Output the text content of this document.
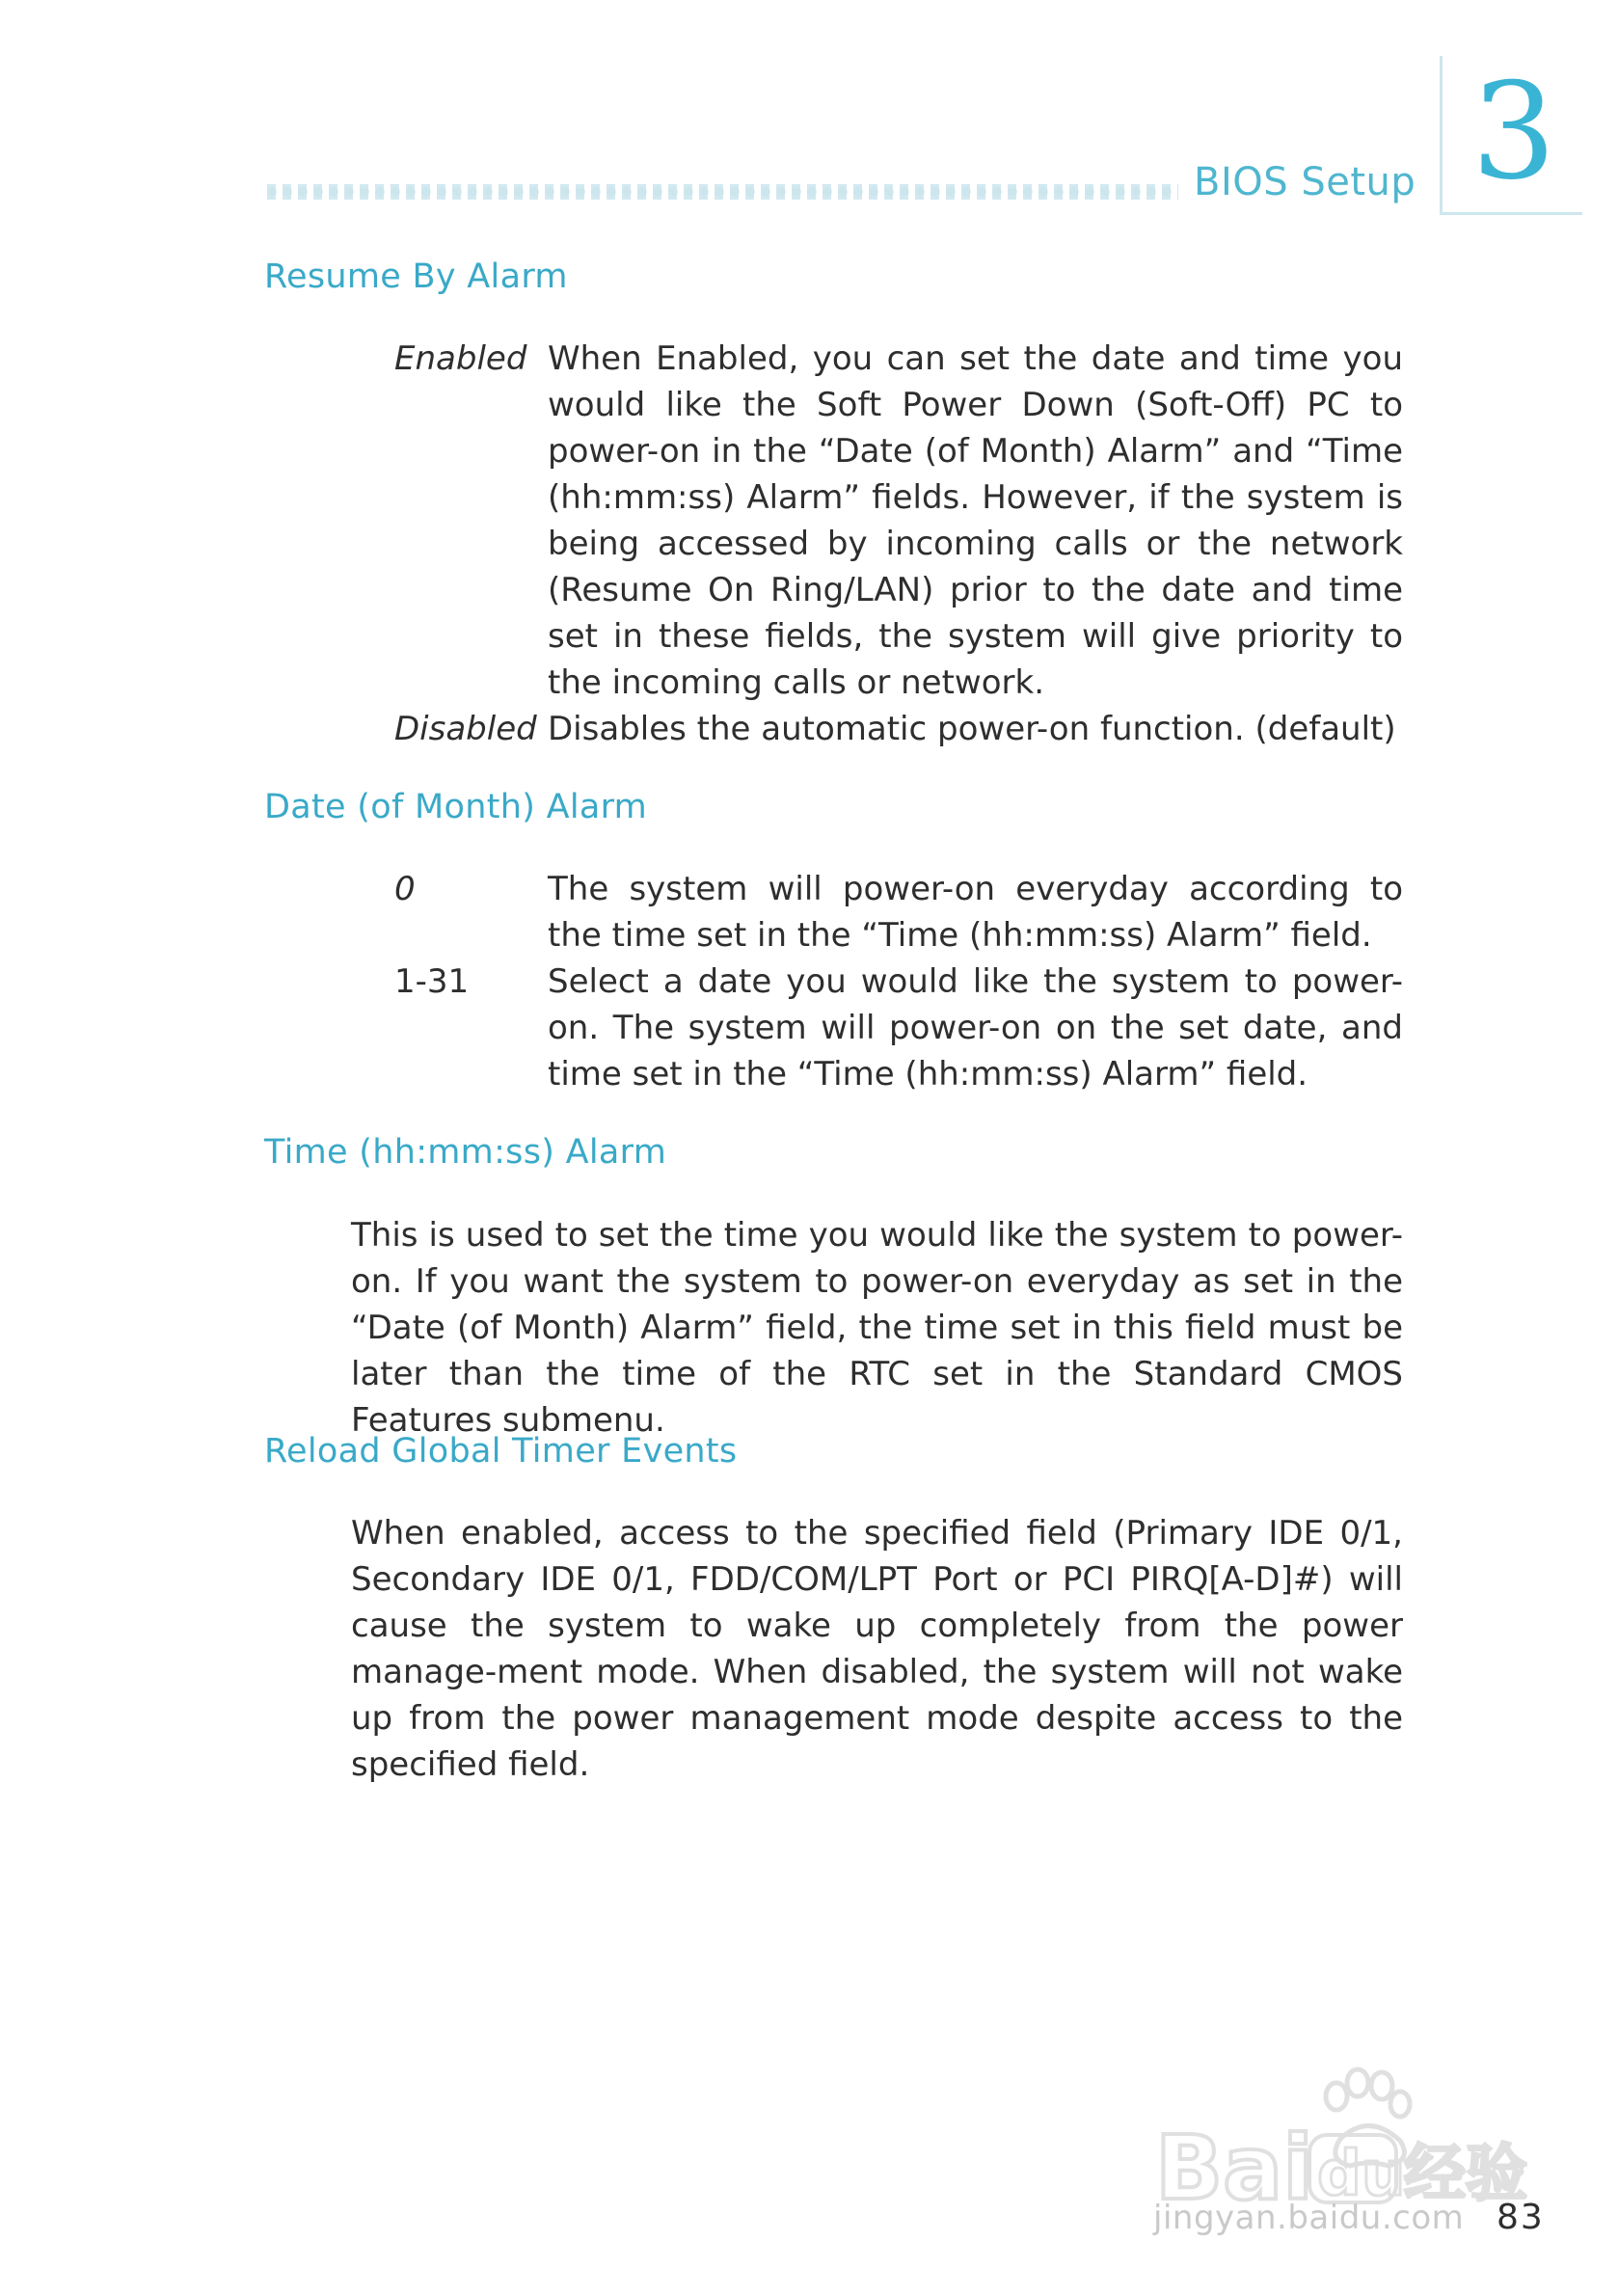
BIOS Setup 3
Resume By Alarm
Enabled When Enabled, you can set the date and time you would like the Soft Power Down (Soft-Off) PC to power-on in the “Date (of Month) Alarm” and “Time (hh:mm:ss) Alarm” fields. However, if the system is being accessed by incoming calls or the network (Resume On Ring/LAN) prior to the date and time set in these fields, the system will give priority to the incoming calls or network.
Disabled Disables the automatic power-on function. (default)
Date (of Month) Alarm
0	The system will power-on everyday according to the time set in the “Time (hh:mm:ss) Alarm” field.
1-31 Select a date you would like the system to power-on. The system will power-on on the set date, and time set in the “Time (hh:mm:ss) Alarm” field.
Time (hh:mm:ss) Alarm
This is used to set the time you would like the system to power-on. If you want the system to power-on everyday as set in the “Date (of Month) Alarm” field, the time set in this field must be later than the time of the RTC set in the Standard CMOS Features submenu.
Reload Global Timer Events
When enabled, access to the specified field (Primary IDE 0/1, Secondary IDE 0/1, FDD/COM/LPT Port or PCI PIRQ[A-D]#) will cause the system to wake up completely from the power manage-ment mode. When disabled, the system will not wake up from the power management mode despite access to the specified field.
Bai du
经验
jingyan.baidu.com 83
